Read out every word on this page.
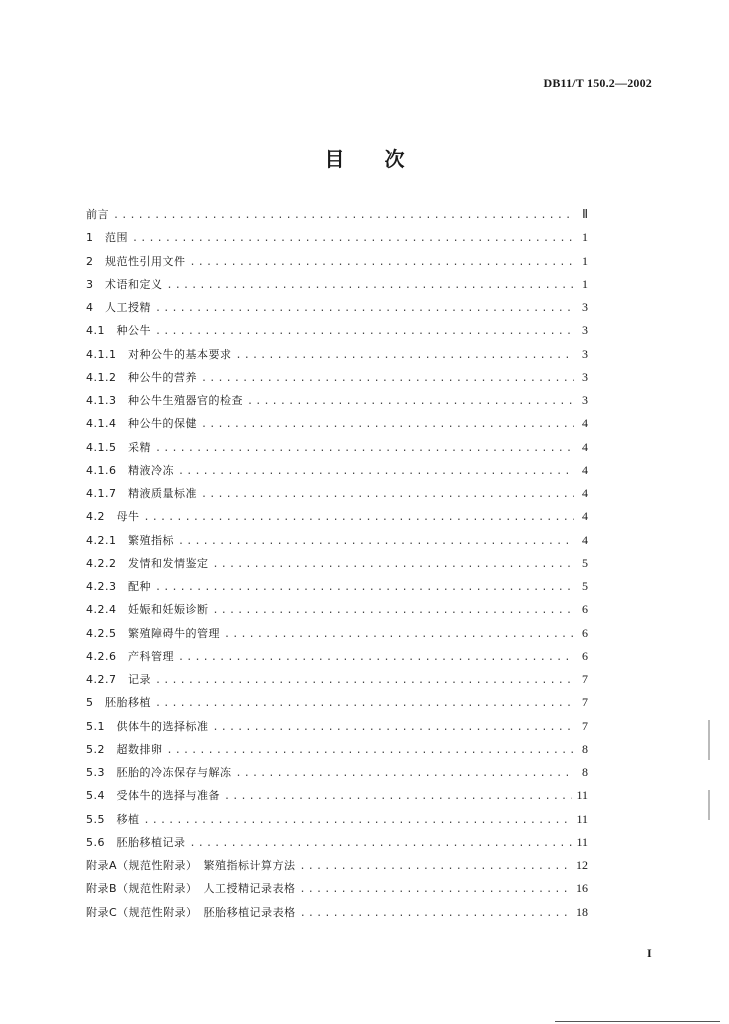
DB11/T 150.2—2002
目次
前言 .....	Ⅱ
1　范围 .....	1
2　规范性引用文件 .....	1
3　术语和定义 .....	1
4　人工授精 .....	3
4.1　种公牛 .....	3
4.1.1　对种公牛的基本要求 .....	3
4.1.2　种公牛的营养 .....	3
4.1.3　种公牛生殖器官的检查 .....	3
4.1.4　种公牛的保健 .....	4
4.1.5　采精 .....	4
4.1.6　精液冷冻 .....	4
4.1.7　精液质量标准 .....	4
4.2　母牛 .....	4
4.2.1　繁殖指标 .....	4
4.2.2　发情和发情鉴定 .....	5
4.2.3　配种 .....	5
4.2.4　妊娠和妊娠诊断 .....	6
4.2.5　繁殖障碍牛的管理 .....	6
4.2.6　产科管理 .....	6
4.2.7　记录 .....	7
5　胚胎移植 .....	7
5.1　供体牛的选择标准 .....	7
5.2　超数排卵 .....	8
5.3　胚胎的冷冻保存与解冻 .....	8
5.4　受体牛的选择与准备 .....	11
5.5　移植 .....	11
5.6　胚胎移植记录 .....	11
附录A（规范性附录）　繁殖指标计算方法 .....	12
附录B（规范性附录）　人工授精记录表格 .....	16
附录C（规范性附录）　胚胎移植记录表格 .....	18
I
